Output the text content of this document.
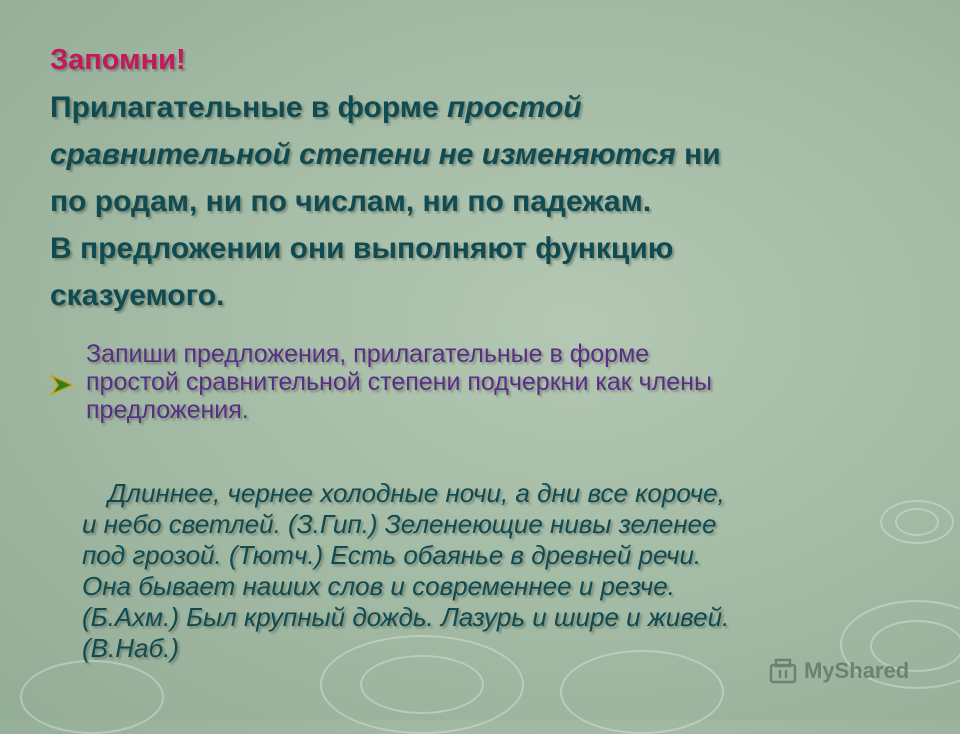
Запомни!

Прилагательные в форме простой
сравнительной степени не изменяются ни
по родам, ни по числам, ни по падежам.
В предложении они выполняют функцию
сказуемого.

Запиши предложения, прилагательные в форме
простой сравнительной степени подчеркни как члены
предложения.

Длиннее, чернее холодные ночи, а дни все короче,
и небо светлей. (З.Гип.) Зеленеющие нивы зеленее
под грозой. (Тютч.) Есть обаянье в древней речи.
Она бывает наших слов и современнее и резче.
(Б.Ахм.) Был крупный дождь. Лазурь и шире и живей.
(В.Наб.)

MyShared
